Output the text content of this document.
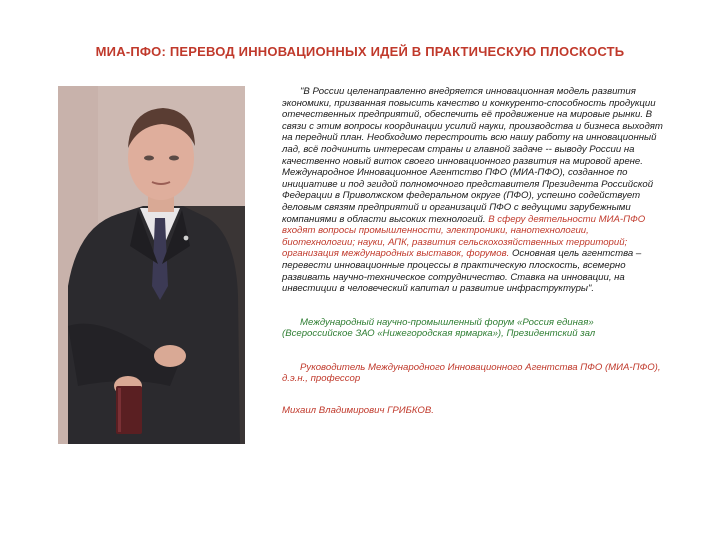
МИА-ПФО: ПЕРЕВОД ИННОВАЦИОННЫХ ИДЕЙ В ПРАКТИЧЕСКУЮ ПЛОСКОСТЬ

"В России целенаправленно внедряется инновационная модель развития экономики, призванная повысить качество и конкуренто-способность продукции отечественных предприятий, обеспечить её продвижение на мировые рынки. В связи с этим вопросы координации усилий науки, производства и бизнеса выходят на передний план. Необходимо перестроить всю нашу работу на инновационный лад, всё подчинить интересам страны и главной задаче -- выводу России на качественно новый виток своего инновационного развития на мировой арене. Международное Инновационное Агентство ПФО (МИА-ПФО), созданное по инициативе и под эгидой полномочного представителя Президента Российской Федерации в Приволжском федеральном округе (ПФО), успешно содействует деловым связям предприятий и организаций ПФО с ведущими зарубежными компаниями в области высоких технологий. В сферу деятельности МИА-ПФО входят вопросы промышленности, электроники, нанотехнологии, биотехнологии; науки, АПК, развития сельскохозяйственных территорий; организация международных выставок, форумов. Основная цель агентства – перевести инновационные процессы в практическую плоскость, всемерно развивать научно-техническое сотрудничество. Ставка на инновации, на инвестиции в человеческий капитал и развитие инфраструктуры".

Международный научно-промышленный форум «Россия единая» (Всероссийское ЗАО «Нижегородская ярмарка»), Президентский зал

Руководитель Международного Инновационного Агентства ПФО (МИА-ПФО), д.э.н., профессор

Михаил Владимирович ГРИБКОВ.
